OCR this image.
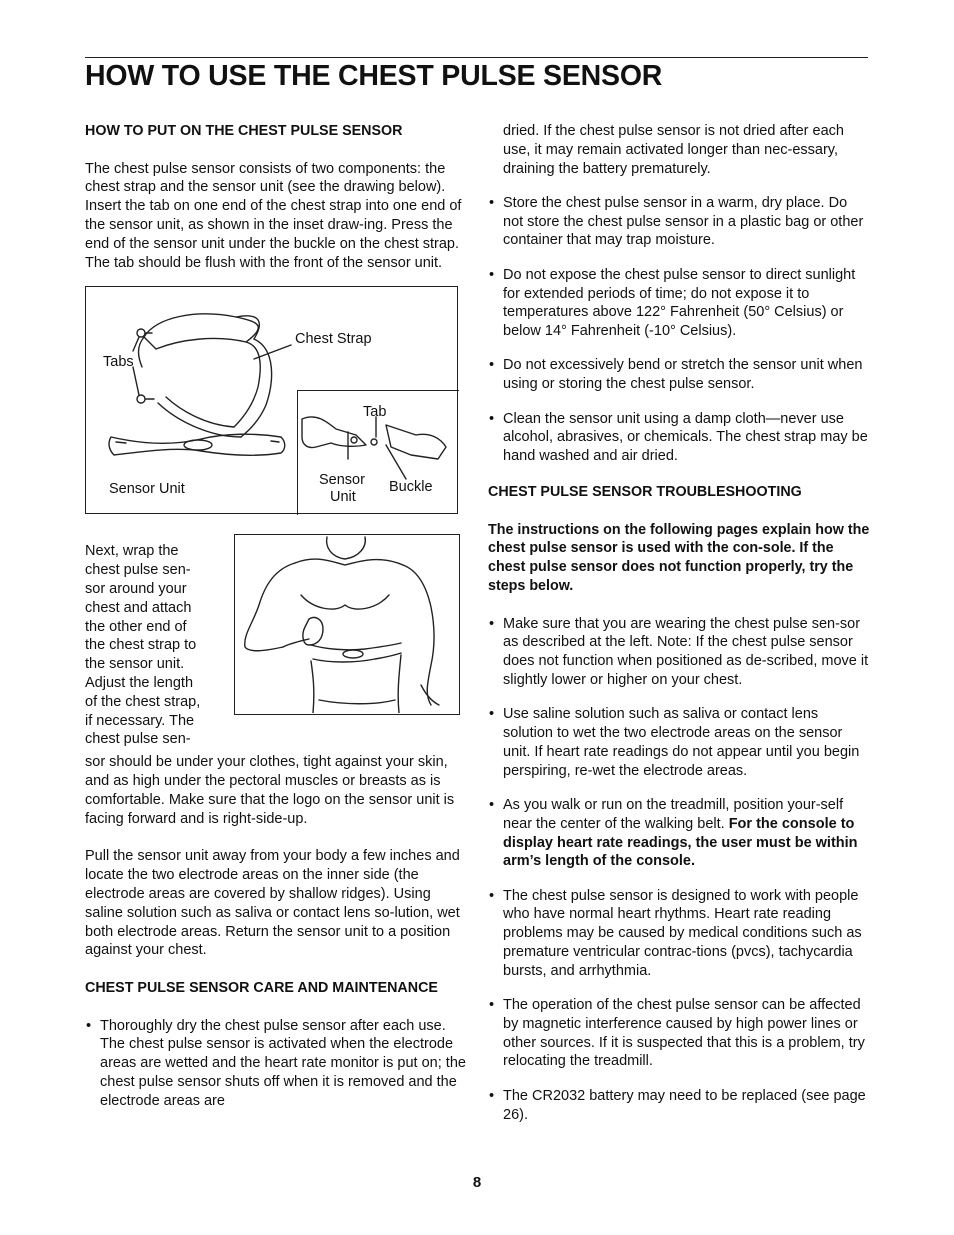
HOW TO USE THE CHEST PULSE SENSOR

HOW TO PUT ON THE CHEST PULSE SENSOR

The chest pulse sensor consists of two components: the chest strap and the sensor unit (see the drawing below). Insert the tab on one end of the chest strap into one end of the sensor unit, as shown in the inset draw-ing. Press the end of the sensor unit under the buckle on the chest strap. The tab should be flush with the front of the sensor unit.

Chest Strap
Tabs
Sensor Unit
Tab
Sensor
Unit
Buckle
Next, wrap the
chest pulse sen-
sor around your
chest and attach
the other end of
the chest strap to
the sensor unit.
Adjust the length
of the chest strap,
if necessary. The
chest pulse sen-

sor should be under your clothes, tight against your skin, and as high under the pectoral muscles or breasts as is comfortable. Make sure that the logo on the sensor unit is facing forward and is right-side-up.

Pull the sensor unit away from your body a few inches and locate the two electrode areas on the inner side (the electrode areas are covered by shallow ridges). Using saline solution such as saliva or contact lens so-lution, wet both electrode areas. Return the sensor unit to a position against your chest.

CHEST PULSE SENSOR CARE AND MAINTENANCE

• Thoroughly dry the chest pulse sensor after each use. The chest pulse sensor is activated when the electrode areas are wetted and the heart rate monitor is put on; the chest pulse sensor shuts off when it is removed and the electrode areas are

dried. If the chest pulse sensor is not dried after each use, it may remain activated longer than nec-essary, draining the battery prematurely.

• Store the chest pulse sensor in a warm, dry place. Do not store the chest pulse sensor in a plastic bag or other container that may trap moisture.

• Do not expose the chest pulse sensor to direct sunlight for extended periods of time; do not expose it to temperatures above 122° Fahrenheit (50° Celsius) or below 14° Fahrenheit (-10° Celsius).

• Do not excessively bend or stretch the sensor unit when using or storing the chest pulse sensor.

• Clean the sensor unit using a damp cloth—never use alcohol, abrasives, or chemicals. The chest strap may be hand washed and air dried.

CHEST PULSE SENSOR TROUBLESHOOTING

The instructions on the following pages explain how the chest pulse sensor is used with the con-sole. If the chest pulse sensor does not function properly, try the steps below.

• Make sure that you are wearing the chest pulse sen-sor as described at the left. Note: If the chest pulse sensor does not function when positioned as de-scribed, move it slightly lower or higher on your chest.

• Use saline solution such as saliva or contact lens solution to wet the two electrode areas on the sensor unit. If heart rate readings do not appear until you begin perspiring, re-wet the electrode areas.

• As you walk or run on the treadmill, position your-self near the center of the walking belt. For the console to display heart rate readings, the user must be within arm’s length of the console.

• The chest pulse sensor is designed to work with people who have normal heart rhythms. Heart rate reading problems may be caused by medical conditions such as premature ventricular contrac-tions (pvcs), tachycardia bursts, and arrhythmia.

• The operation of the chest pulse sensor can be affected by magnetic interference caused by high power lines or other sources. If it is suspected that this is a problem, try relocating the treadmill.

• The CR2032 battery may need to be replaced (see page 26).

8
